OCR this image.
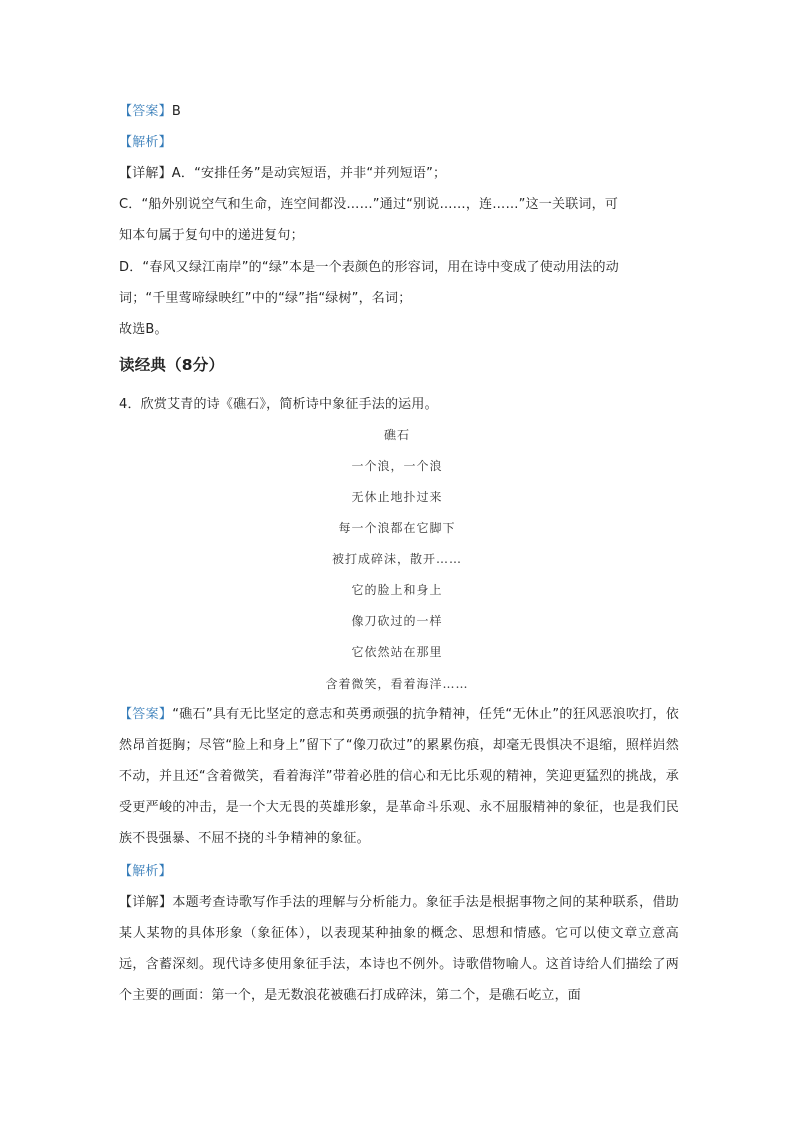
【答案】B
【解析】
【详解】A．“安排任务”是动宾短语，并非“并列短语”；
C．“船外别说空气和生命，连空间都没……”通过“别说……，连……”这一关联词，可
知本句属于复句中的递进复句；
D．“春风又绿江南岸”的“绿”本是一个表颜色的形容词，用在诗中变成了使动用法的动
词；“千里莺啼绿映红”中的“绿”指“绿树”，名词；
故选B。
读经典（8分）
4．欣赏艾青的诗《礁石》，简析诗中象征手法的运用。
礁石
一个浪，一个浪
无休止地扑过来
每一个浪都在它脚下
被打成碎沫，散开……
它的脸上和身上
像刀砍过的一样
它依然站在那里
含着微笑，看着海洋……
【答案】“礁石”具有无比坚定的意志和英勇顽强的抗争精神，任凭“无休止”的狂风恶浪吹打，依然昂首挺胸；尽管“脸上和身上”留下了“像刀砍过”的累累伤痕，却毫无畏惧决不退缩，照样岿然不动，并且还“含着微笑，看着海洋”带着必胜的信心和无比乐观的精神，笑迎更猛烈的挑战，承受更严峻的冲击，是一个大无畏的英雄形象，是革命斗乐观、永不屈服精神的象征，也是我们民族不畏强暴、不屈不挠的斗争精神的象征。
【解析】
【详解】本题考查诗歌写作手法的理解与分析能力。象征手法是根据事物之间的某种联系，借助某人某物的具体形象（象征体），以表现某种抽象的概念、思想和情感。它可以使文章立意高远，含蓄深刻。现代诗多使用象征手法，本诗也不例外。诗歌借物喻人。这首诗给人们描绘了两个主要的画面：第一个，是无数浪花被礁石打成碎沫，第二个，是礁石屹立，面
